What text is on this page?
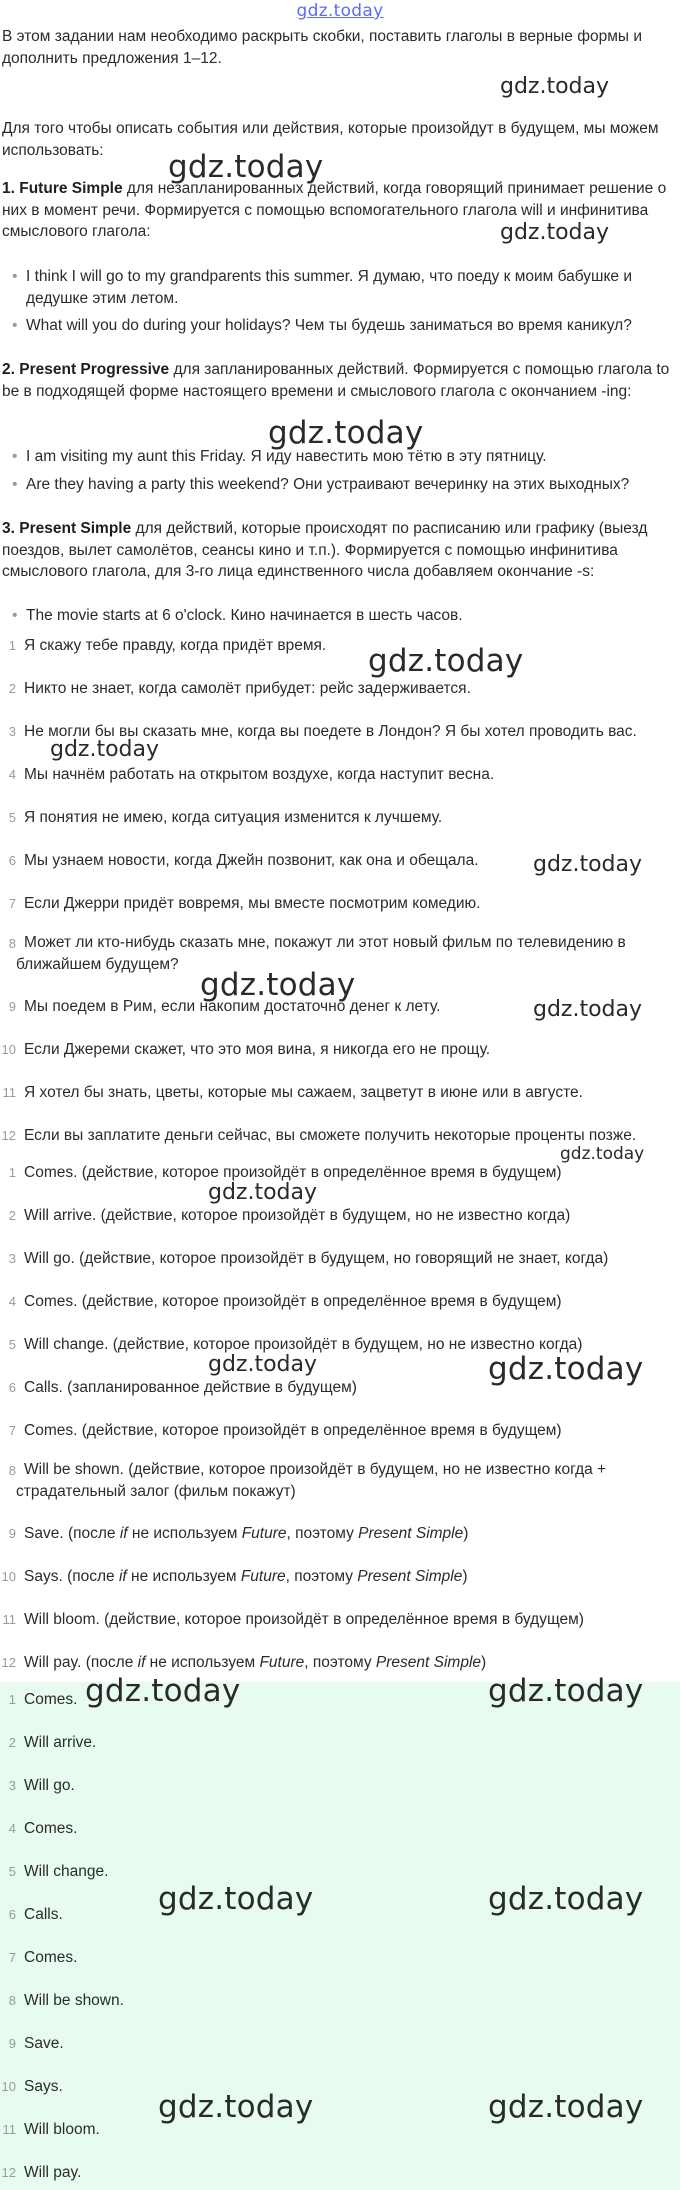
gdz.today
В этом задании нам необходимо раскрыть скобки, поставить глаголы в верные формы и дополнить предложения 1–12.
Для того чтобы описать события или действия, которые произойдут в будущем, мы можем использовать:
1. Future Simple для незапланированных действий, когда говорящий принимает решение о них в момент речи. Формируется с помощью вспомогательного глагола will и инфинитива смыслового глагола:
• I think I will go to my grandparents this summer. Я думаю, что поеду к моим бабушке и дедушке этим летом.
• What will you do during your holidays? Чем ты будешь заниматься во время каникул?
2. Present Progressive для запланированных действий. Формируется с помощью глагола to be в подходящей форме настоящего времени и смыслового глагола с окончанием -ing:
• I am visiting my aunt this Friday. Я иду навестить мою тётю в эту пятницу.
• Are they having a party this weekend? Они устраивают вечеринку на этих выходных?
3. Present Simple для действий, которые происходят по расписанию или графику (выезд поездов, вылет самолётов, сеансы кино и т.п.). Формируется с помощью инфинитива смыслового глагола, для 3-го лица единственного числа добавляем окончание -s:
• The movie starts at 6 o'clock. Кино начинается в шесть часов.
1 Я скажу тебе правду, когда придёт время.
2 Никто не знает, когда самолёт прибудет: рейс задерживается.
3 Не могли бы вы сказать мне, когда вы поедете в Лондон? Я бы хотел проводить вас.
4 Мы начнём работать на открытом воздухе, когда наступит весна.
5 Я понятия не имею, когда ситуация изменится к лучшему.
6 Мы узнаем новости, когда Джейн позвонит, как она и обещала.
7 Если Джерри придёт вовремя, мы вместе посмотрим комедию.
8 Может ли кто-нибудь сказать мне, покажут ли этот новый фильм по телевидению в
ближайшем будущем?
9 Мы поедем в Рим, если накопим достаточно денег к лету.
10 Если Джереми скажет, что это моя вина, я никогда его не прощу.
11 Я хотел бы знать, цветы, которые мы сажаем, зацветут в июне или в августе.
12 Если вы заплатите деньги сейчас, вы сможете получить некоторые проценты позже.
1 Comes. (действие, которое произойдёт в определённое время в будущем)
2 Will arrive. (действие, которое произойдёт в будущем, но не известно когда)
3 Will go. (действие, которое произойдёт в будущем, но говорящий не знает, когда)
4 Comes. (действие, которое произойдёт в определённое время в будущем)
5 Will change. (действие, которое произойдёт в будущем, но не известно когда)
6 Calls. (запланированное действие в будущем)
7 Comes. (действие, которое произойдёт в определённое время в будущем)
8 Will be shown. (действие, которое произойдёт в будущем, но не известно когда +
страдательный залог (фильм покажут)
9 Save. (после if не используем Future, поэтому Present Simple)
10 Says. (после if не используем Future, поэтому Present Simple)
11 Will bloom. (действие, которое произойдёт в определённое время в будущем)
12 Will pay. (после if не используем Future, поэтому Present Simple)
1 Comes.
2 Will arrive.
3 Will go.
4 Comes.
5 Will change.
6 Calls.
7 Comes.
8 Will be shown.
9 Save.
10 Says.
11 Will bloom.
12 Will pay.
gdz.today
gdz.today
gdz.today
gdz.today
gdz.today
gdz.today
gdz.today
gdz.today
gdz.today
gdz.today
gdz.today
gdz.today	gdz.today
gdz.today	gdz.today
gdz.today	gdz.today
gdz.today	gdz.today
